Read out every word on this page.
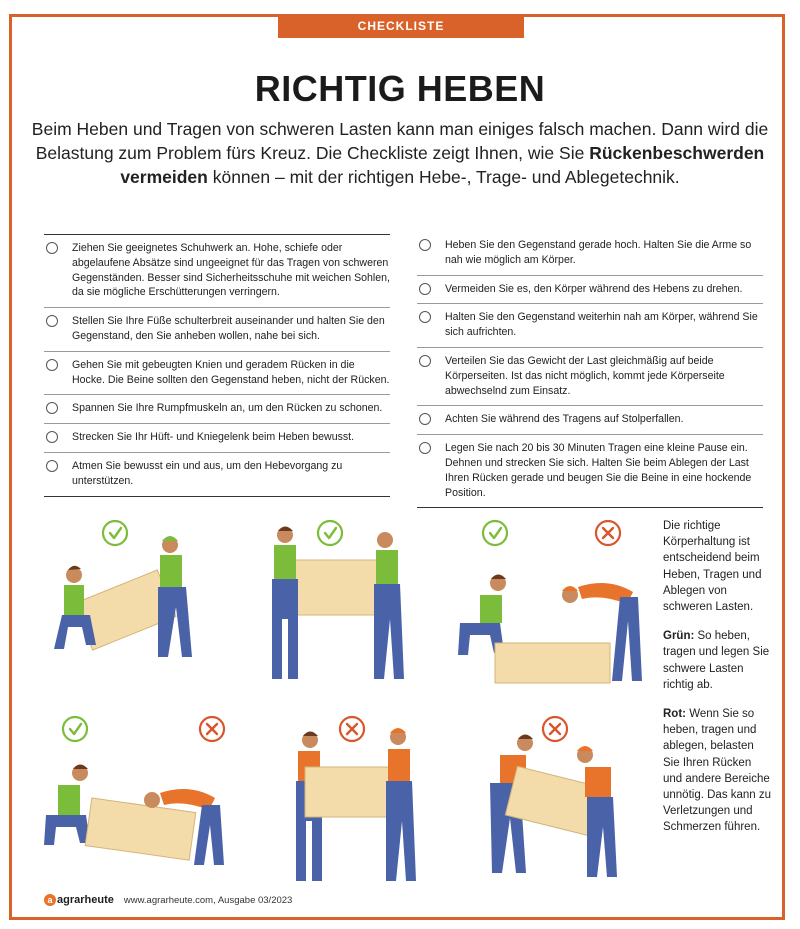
CHECKLISTE
RICHTIG HEBEN
Beim Heben und Tragen von schweren Lasten kann man einiges falsch machen. Dann wird die Belastung zum Problem fürs Kreuz. Die Checkliste zeigt Ihnen, wie Sie Rückenbeschwerden vermeiden können – mit der richtigen Hebe-, Trage- und Ablegetechnik.
Ziehen Sie geeignetes Schuhwerk an. Hohe, schiefe oder abgelaufene Absätze sind ungeeignet für das Tragen von schweren Gegenständen. Besser sind Sicherheitsschuhe mit weichen Sohlen, da sie mögliche Erschütterungen verringern.
Stellen Sie Ihre Füße schulterbreit auseinander und halten Sie den Gegenstand, den Sie anheben wollen, nahe bei sich.
Gehen Sie mit gebeugten Knien und geradem Rücken in die Hocke. Die Beine sollten den Gegenstand heben, nicht der Rücken.
Spannen Sie Ihre Rumpfmuskeln an, um den Rücken zu schonen.
Strecken Sie Ihr Hüft- und Kniegelenk beim Heben bewusst.
Atmen Sie bewusst ein und aus, um den Hebevorgang zu unterstützen.
Heben Sie den Gegenstand gerade hoch. Halten Sie die Arme so nah wie möglich am Körper.
Vermeiden Sie es, den Körper während des Hebens zu drehen.
Halten Sie den Gegenstand weiterhin nah am Körper, während Sie sich aufrichten.
Verteilen Sie das Gewicht der Last gleichmäßig auf beide Körperseiten. Ist das nicht möglich, kommt jede Körperseite abwechselnd zum Einsatz.
Achten Sie während des Tragens auf Stolperfallen.
Legen Sie nach 20 bis 30 Minuten Tragen eine kleine Pause ein. Dehnen und strecken Sie sich. Halten Sie beim Ablegen der Last Ihren Rücken gerade und beugen Sie die Beine in eine hockende Position.

Die richtige Körperhaltung ist entscheidend beim Heben, Tragen und Ablegen von schweren Lasten.

Grün: So heben, tragen und legen Sie schwere Lasten richtig ab.

Rot: Wenn Sie so heben, tragen und ablegen, belasten Sie Ihren Rücken und andere Bereiche unnötig. Das kann zu Verletzungen und Schmerzen führen.

a agrarheute www.agrarheute.com, Ausgabe 03/2023
